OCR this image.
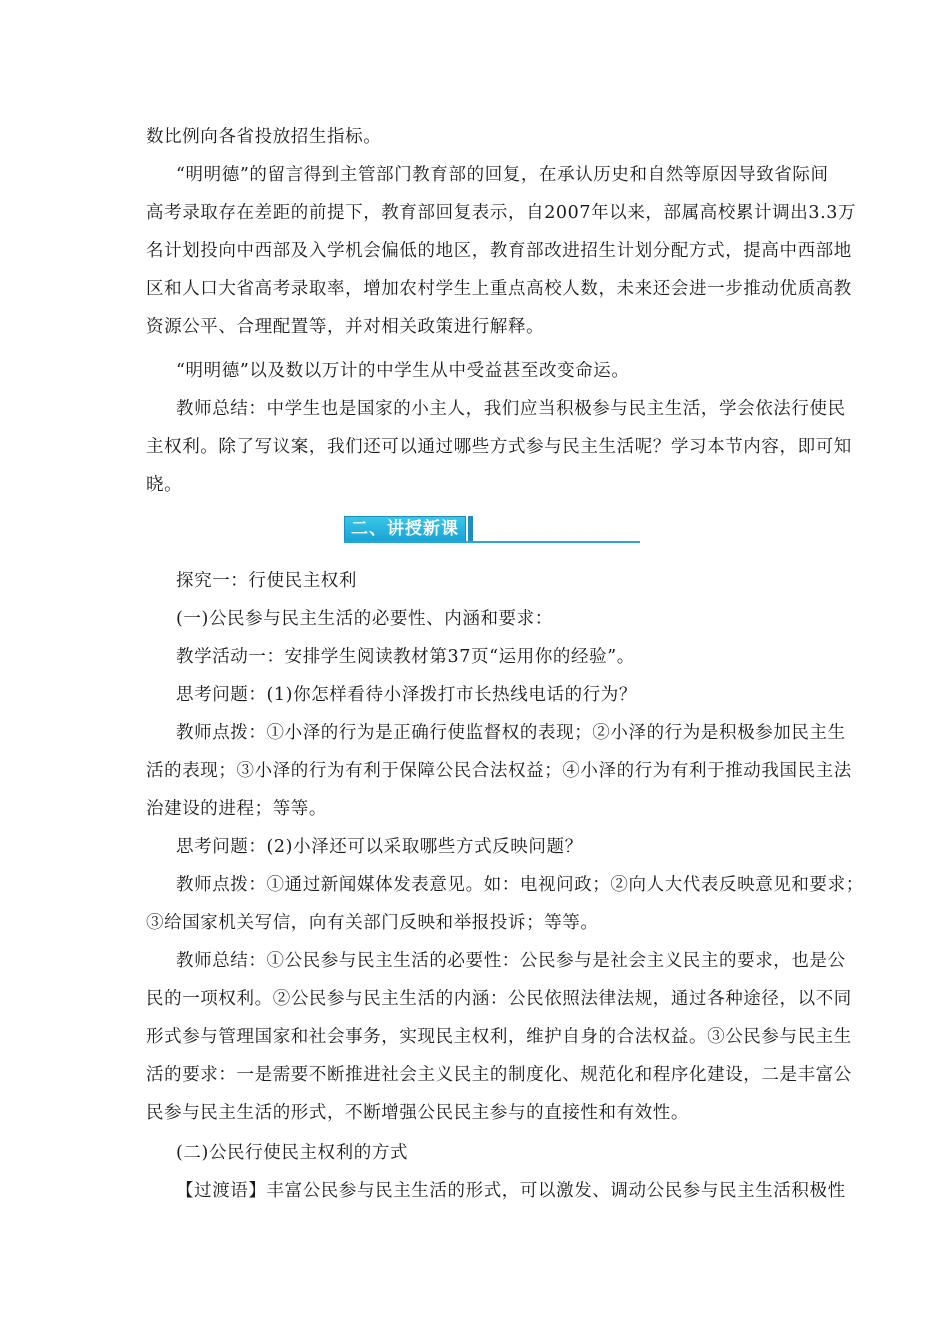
数比例向各省投放招生指标。
“明明德”的留言得到主管部门教育部的回复，在承认历史和自然等原因导致省际间
高考录取存在差距的前提下，教育部回复表示，自2007年以来，部属高校累计调出3.3万
名计划投向中西部及入学机会偏低的地区，教育部改进招生计划分配方式，提高中西部地
区和人口大省高考录取率，增加农村学生上重点高校人数，未来还会进一步推动优质高教
资源公平、合理配置等，并对相关政策进行解释。
“明明德”以及数以万计的中学生从中受益甚至改变命运。
教师总结：中学生也是国家的小主人，我们应当积极参与民主生活，学会依法行使民
主权利。除了写议案，我们还可以通过哪些方式参与民主生活呢？学习本节内容，即可知
晓。
二、讲授新课
探究一：行使民主权利
(一)公民参与民主生活的必要性、内涵和要求：
教学活动一：安排学生阅读教材第37页“运用你的经验”。
思考问题：(1)你怎样看待小泽拨打市长热线电话的行为？
教师点拨：①小泽的行为是正确行使监督权的表现；②小泽的行为是积极参加民主生
活的表现；③小泽的行为有利于保障公民合法权益；④小泽的行为有利于推动我国民主法
治建设的进程；等等。
思考问题：(2)小泽还可以采取哪些方式反映问题？
教师点拨：①通过新闻媒体发表意见。如：电视问政；②向人大代表反映意见和要求；
③给国家机关写信，向有关部门反映和举报投诉；等等。
教师总结：①公民参与民主生活的必要性：公民参与是社会主义民主的要求，也是公
民的一项权利。②公民参与民主生活的内涵：公民依照法律法规，通过各种途径，以不同
形式参与管理国家和社会事务，实现民主权利，维护自身的合法权益。③公民参与民主生
活的要求：一是需要不断推进社会主义民主的制度化、规范化和程序化建设，二是丰富公
民参与民主生活的形式，不断增强公民民主参与的直接性和有效性。
(二)公民行使民主权利的方式
【过渡语】丰富公民参与民主生活的形式，可以激发、调动公民参与民主生活积极性
